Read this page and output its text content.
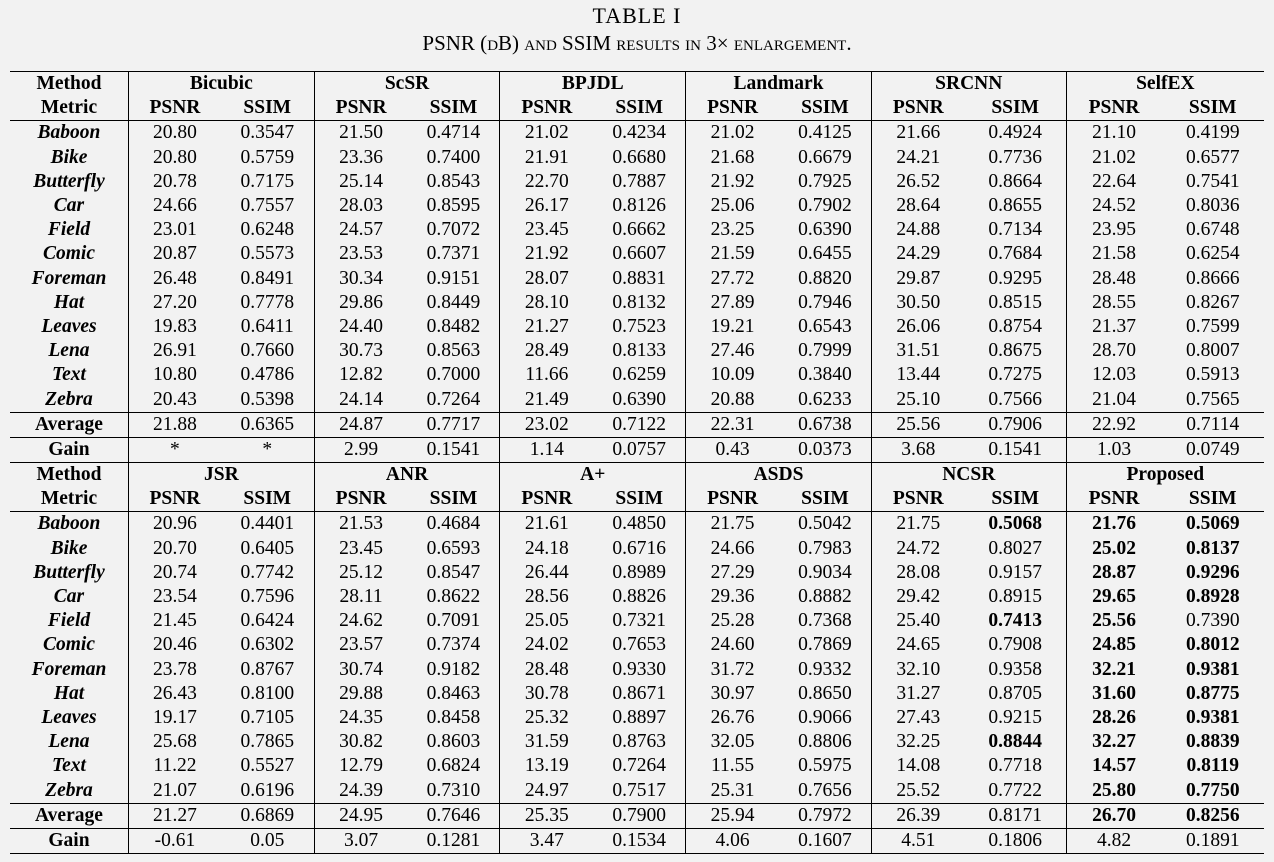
TABLE I
PSNR (dB) and SSIM results in 3× enlargement.
Method	Bicubic		ScSR		BPJDL		Landmark		SRCNN		SelfEX	
Metric	PSNR	SSIM	PSNR	SSIM	PSNR	SSIM	PSNR	SSIM	PSNR	SSIM	PSNR	SSIM
Baboon	20.80	0.3547	21.50	0.4714	21.02	0.4234	21.02	0.4125	21.66	0.4924	21.10	0.4199
Bike	20.80	0.5759	23.36	0.7400	21.91	0.6680	21.68	0.6679	24.21	0.7736	21.02	0.6577
Butterfly	20.78	0.7175	25.14	0.8543	22.70	0.7887	21.92	0.7925	26.52	0.8664	22.64	0.7541
Car	24.66	0.7557	28.03	0.8595	26.17	0.8126	25.06	0.7902	28.64	0.8655	24.52	0.8036
Field	23.01	0.6248	24.57	0.7072	23.45	0.6662	23.25	0.6390	24.88	0.7134	23.95	0.6748
Comic	20.87	0.5573	23.53	0.7371	21.92	0.6607	21.59	0.6455	24.29	0.7684	21.58	0.6254
Foreman	26.48	0.8491	30.34	0.9151	28.07	0.8831	27.72	0.8820	29.87	0.9295	28.48	0.8666
Hat	27.20	0.7778	29.86	0.8449	28.10	0.8132	27.89	0.7946	30.50	0.8515	28.55	0.8267
Leaves	19.83	0.6411	24.40	0.8482	21.27	0.7523	19.21	0.6543	26.06	0.8754	21.37	0.7599
Lena	26.91	0.7660	30.73	0.8563	28.49	0.8133	27.46	0.7999	31.51	0.8675	28.70	0.8007
Text	10.80	0.4786	12.82	0.7000	11.66	0.6259	10.09	0.3840	13.44	0.7275	12.03	0.5913
Zebra	20.43	0.5398	24.14	0.7264	21.49	0.6390	20.88	0.6233	25.10	0.7566	21.04	0.7565
Average	21.88	0.6365	24.87	0.7717	23.02	0.7122	22.31	0.6738	25.56	0.7906	22.92	0.7114
Gain	*	*	2.99	0.1541	1.14	0.0757	0.43	0.0373	3.68	0.1541	1.03	0.0749
Method	JSR		ANR		A+		ASDS		NCSR		Proposed	
Metric	PSNR	SSIM	PSNR	SSIM	PSNR	SSIM	PSNR	SSIM	PSNR	SSIM	PSNR	SSIM
Baboon	20.96	0.4401	21.53	0.4684	21.61	0.4850	21.75	0.5042	21.75	0.5068	21.76	0.5069
Bike	20.70	0.6405	23.45	0.6593	24.18	0.6716	24.66	0.7983	24.72	0.8027	25.02	0.8137
Butterfly	20.74	0.7742	25.12	0.8547	26.44	0.8989	27.29	0.9034	28.08	0.9157	28.87	0.9296
Car	23.54	0.7596	28.11	0.8622	28.56	0.8826	29.36	0.8882	29.42	0.8915	29.65	0.8928
Field	21.45	0.6424	24.62	0.7091	25.05	0.7321	25.28	0.7368	25.40	0.7413	25.56	0.7390
Comic	20.46	0.6302	23.57	0.7374	24.02	0.7653	24.60	0.7869	24.65	0.7908	24.85	0.8012
Foreman	23.78	0.8767	30.74	0.9182	28.48	0.9330	31.72	0.9332	32.10	0.9358	32.21	0.9381
Hat	26.43	0.8100	29.88	0.8463	30.78	0.8671	30.97	0.8650	31.27	0.8705	31.60	0.8775
Leaves	19.17	0.7105	24.35	0.8458	25.32	0.8897	26.76	0.9066	27.43	0.9215	28.26	0.9381
Lena	25.68	0.7865	30.82	0.8603	31.59	0.8763	32.05	0.8806	32.25	0.8844	32.27	0.8839
Text	11.22	0.5527	12.79	0.6824	13.19	0.7264	11.55	0.5975	14.08	0.7718	14.57	0.8119
Zebra	21.07	0.6196	24.39	0.7310	24.97	0.7517	25.31	0.7656	25.52	0.7722	25.80	0.7750
Average	21.27	0.6869	24.95	0.7646	25.35	0.7900	25.94	0.7972	26.39	0.8171	26.70	0.8256
Gain	-0.61	0.05	3.07	0.1281	3.47	0.1534	4.06	0.1607	4.51	0.1806	4.82	0.1891
